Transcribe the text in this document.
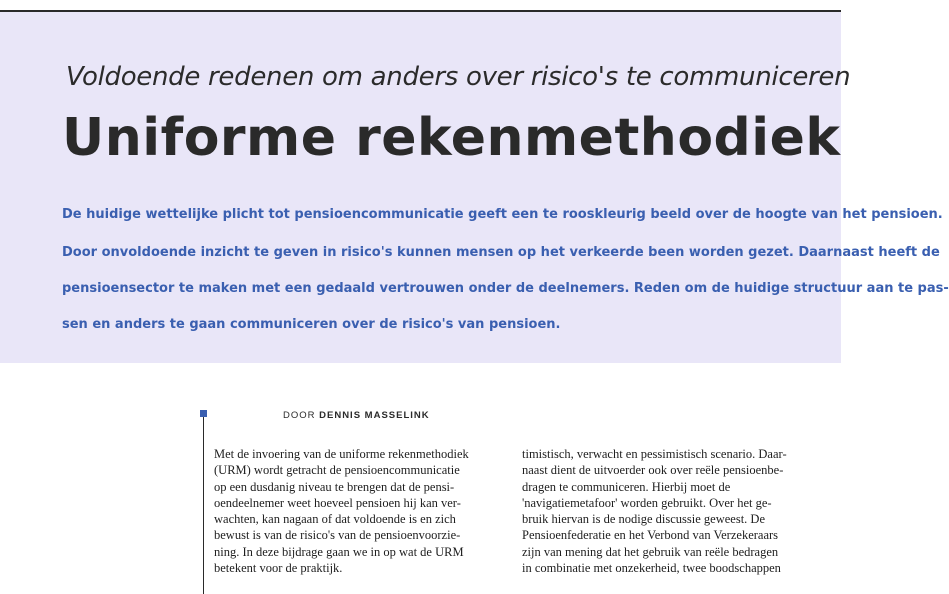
Voldoende redenen om anders over risico's te communiceren
Uniforme rekenmethodiek
De huidige wettelijke plicht tot pensioencommunicatie geeft een te rooskleurig beeld over de hoogte van het pensioen.
Door onvoldoende inzicht te geven in risico's kunnen mensen op het verkeerde been worden gezet. Daarnaast heeft de
pensioensector te maken met een gedaald vertrouwen onder de deelnemers. Reden om de huidige structuur aan te pas-
sen en anders te gaan communiceren over de risico's van pensioen.
DOOR DENNIS MASSELINK
Met de invoering van de uniforme rekenmethodiek
(URM) wordt getracht de pensioencommunicatie
op een dusdanig niveau te brengen dat de pensi-
oendeelnemer weet hoeveel pensioen hij kan ver-
wachten, kan nagaan of dat voldoende is en zich
bewust is van de risico's van de pensioenvoorzie-
ning. In deze bijdrage gaan we in op wat de URM
betekent voor de praktijk.
timistisch, verwacht en pessimistisch scenario. Daar-
naast dient de uitvoerder ook over reële pensioenbe-
dragen te communiceren. Hierbij moet de
'navigatiemetafoor' worden gebruikt. Over het ge-
bruik hiervan is de nodige discussie geweest. De
Pensioenfederatie en het Verbond van Verzekeraars
zijn van mening dat het gebruik van reële bedragen
in combinatie met onzekerheid, twee boodschappen
